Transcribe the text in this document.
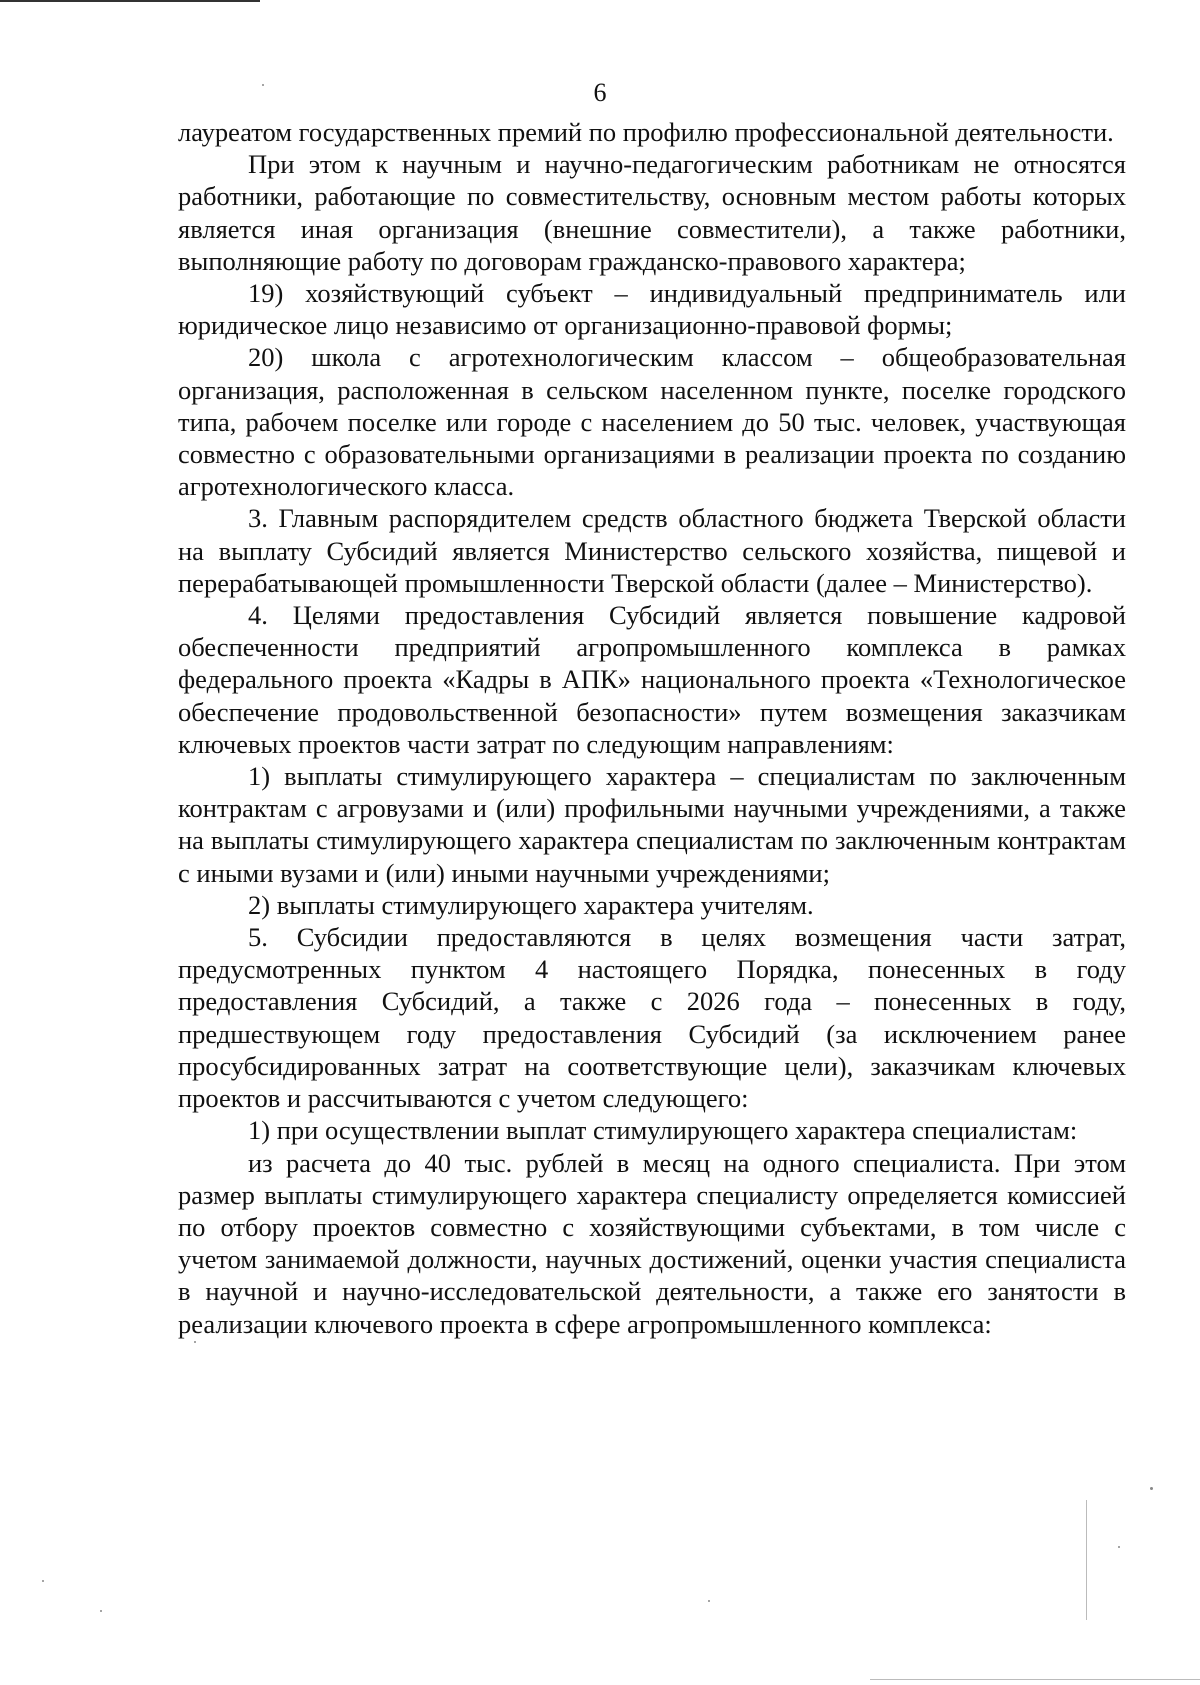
6

лауреатом государственных премий по профилю профессиональной деятельности.

При этом к научным и научно-педагогическим работникам не относятся работники, работающие по совместительству, основным местом работы которых является иная организация (внешние совместители), а также работники, выполняющие работу по договорам гражданско-правового характера;

19) хозяйствующий субъект – индивидуальный предприниматель или юридическое лицо независимо от организационно-правовой формы;

20) школа с агротехнологическим классом – общеобразовательная организация, расположенная в сельском населенном пункте, поселке городского типа, рабочем поселке или городе с населением до 50 тыс. человек, участвующая совместно с образовательными организациями в реализации проекта по созданию агротехнологического класса.

3. Главным распорядителем средств областного бюджета Тверской области на выплату Субсидий является Министерство сельского хозяйства, пищевой и перерабатывающей промышленности Тверской области (далее – Министерство).

4. Целями предоставления Субсидий является повышение кадровой обеспеченности предприятий агропромышленного комплекса в рамках федерального проекта «Кадры в АПК» национального проекта «Технологическое обеспечение продовольственной безопасности» путем возмещения заказчикам ключевых проектов части затрат по следующим направлениям:

1) выплаты стимулирующего характера – специалистам по заключенным контрактам с агровузами и (или) профильными научными учреждениями, а также на выплаты стимулирующего характера специалистам по заключенным контрактам с иными вузами и (или) иными научными учреждениями;

2) выплаты стимулирующего характера учителям.

5. Субсидии предоставляются в целях возмещения части затрат, предусмотренных пунктом 4 настоящего Порядка, понесенных в году предоставления Субсидий, а также с 2026 года – понесенных в году, предшествующем году предоставления Субсидий (за исключением ранее просубсидированных затрат на соответствующие цели), заказчикам ключевых проектов и рассчитываются с учетом следующего:

1) при осуществлении выплат стимулирующего характера специалистам:

из расчета до 40 тыс. рублей в месяц на одного специалиста. При этом размер выплаты стимулирующего характера специалисту определяется комиссией по отбору проектов совместно с хозяйствующими субъектами, в том числе с учетом занимаемой должности, научных достижений, оценки участия специалиста в научной и научно-исследовательской деятельности, а также его занятости в реализации ключевого проекта в сфере агропромышленного комплекса:
